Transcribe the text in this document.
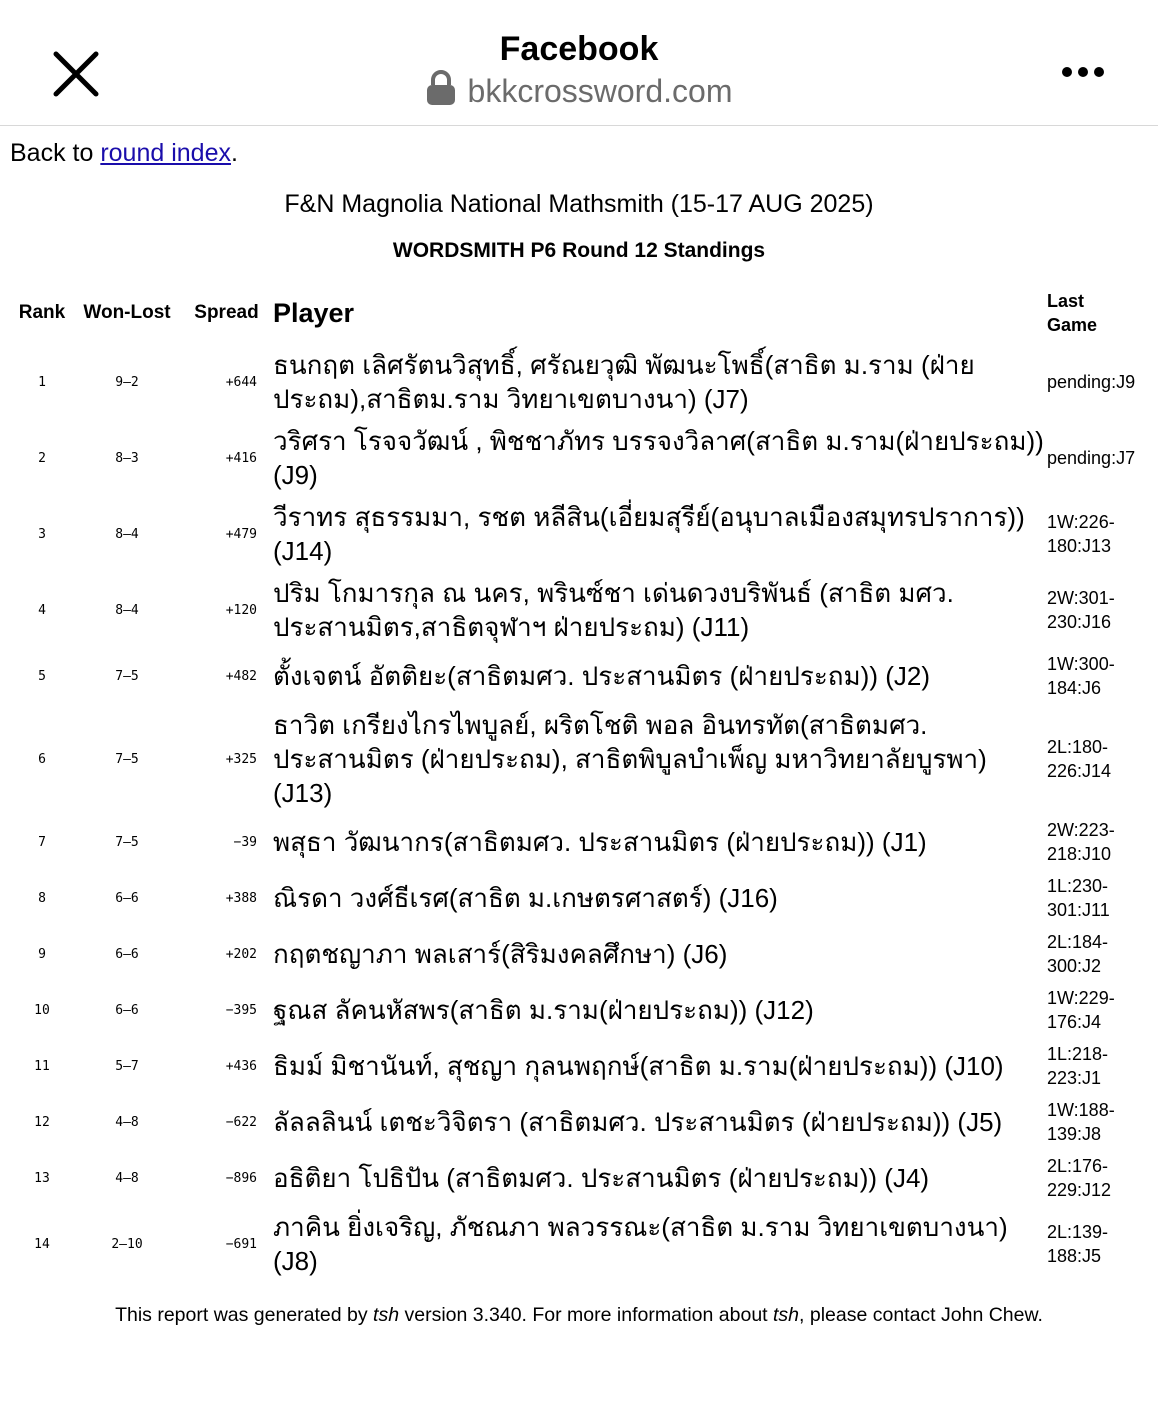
Facebook
bkkcrossword.com
Back to round index.
F&N Magnolia National Mathsmith (15-17 AUG 2025)
WORDSMITH P6 Round 12 Standings
Rank	Won-Lost	Spread	Player	Last
Game
1	9–2	+644	ธนกฤต เลิศรัตนวิสุทธิ์, ศรัณยวุฒิ พัฒนะโพธิ์(สาธิต ม.ราม (ฝ่ายประถม),สาธิตม.ราม วิทยาเขตบางนา) (J7)	pending:J9
2	8–3	+416	วริศรา โรจจวัฒน์ , พิชชาภัทร บรรจงวิลาศ(สาธิต ม.ราม(ฝ่ายประถม)) (J9)	pending:J7
3	8–4	+479	วีราทร สุธรรมมา, รชต หลีสิน(เอี่ยมสุรีย์(อนุบาลเมืองสมุทรปราการ)) (J14)	1W:226-180:J13
4	8–4	+120	ปริม โกมารกุล ณ นคร, พรินซ์ชา เด่นดวงบริพันธ์ (สาธิต มศว. ประสานมิตร,สาธิตจุฬาฯ ฝ่ายประถม) (J11)	2W:301-230:J16
5	7–5	+482	ตั้งเจตน์ อัตติยะ(สาธิตมศว. ประสานมิตร (ฝ่ายประถม)) (J2)	1W:300-184:J6
6	7–5	+325	ธาวิต เกรียงไกรไพบูลย์, ผริตโชติ พอล อินทรทัต(สาธิตมศว. ประสานมิตร (ฝ่ายประถม), สาธิตพิบูลบำเพ็ญ มหาวิทยาลัยบูรพา) (J13)	2L:180-226:J14
7	7–5	−39	พสุธา วัฒนากร(สาธิตมศว. ประสานมิตร (ฝ่ายประถม)) (J1)	2W:223-218:J10
8	6–6	+388	ณิรดา วงศ์ธีเรศ(สาธิต ม.เกษตรศาสตร์) (J16)	1L:230-301:J11
9	6–6	+202	กฤตชญาภา พลเสาร์(สิริมงคลศึกษา) (J6)	2L:184-300:J2
10	6–6	−395	ฐณส ลัคนหัสพร(สาธิต ม.ราม(ฝ่ายประถม)) (J12)	1W:229-176:J4
11	5–7	+436	ธิมม์ มิชานันท์, สุชญา กุลนพฤกษ์(สาธิต ม.ราม(ฝ่ายประถม)) (J10)	1L:218-223:J1
12	4–8	−622	ลัลลลินน์ เตชะวิจิตรา (สาธิตมศว. ประสานมิตร (ฝ่ายประถม)) (J5)	1W:188-139:J8
13	4–8	−896	อธิติยา โปธิปัน (สาธิตมศว. ประสานมิตร (ฝ่ายประถม)) (J4)	2L:176-229:J12
14	2–10	−691	ภาคิน ยิ่งเจริญ, ภัชณภา พลวรรณะ(สาธิต ม.ราม วิทยาเขตบางนา) (J8)	2L:139-188:J5
This report was generated by tsh version 3.340. For more information about tsh, please contact John Chew.
